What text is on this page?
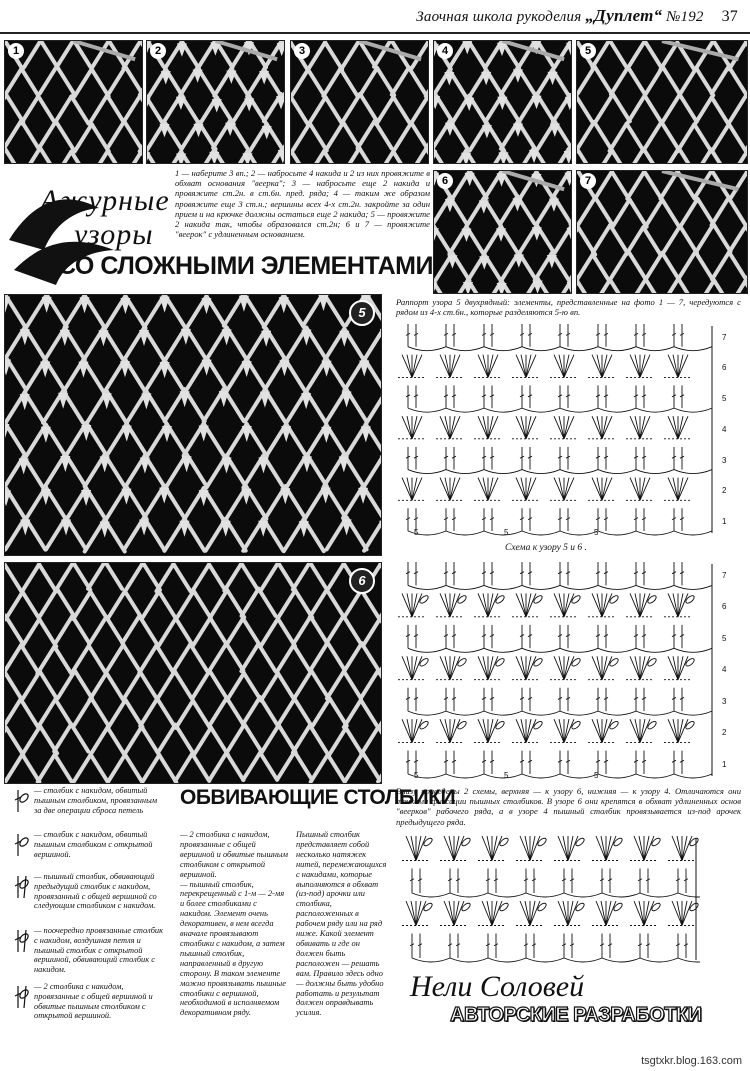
Заочная школа рукоделия „Дуплет“ №192 37
1	2	3	4	5
6	7
1 — наберите 3 вп.; 2 — набросьте 4 накида и 2 из них провяжите в обхват основания "веерка"; 3 — набросьте еще 2 накида и провяжите ст.2н. в ст.6н. пред. ряда; 4 — таким же образом провяжите еще 3 ст.н.; вершины всех 4-х ст.2н. закройте за один прием и на крючке должны остаться еще 2 накида; 5 — провяжите 2 накида так, чтобы образовался ст.2н; 6 и 7 — провяжите "веерок" с удлиненным основанием.
Ажурные
узоры
СО СЛОЖНЫМИ ЭЛЕМЕНТАМИ
5
6
Раппорт узора 5 двухрядный: элементы, представленные на фото 1 — 7, чередуются с рядом из 4-х ст.6н., которые разделяются 5-ю вп.
5	5	5
7
6
5
4
3
2
1
Схема к узору 5 и 6 .
5	5	5
7
6
5
4
3
2
1
ОБВИВАЮЩИЕ СТОЛБИКИ
— столбик с накидом, обвитый пышным столбиком, провязанным за две операции сброса петель
— столбик с накидом, обвитый пышным столбиком с открытой вершиной.
— пышный столбик, обвивающий предыдущий столбик с накидом, провязанный с общей вершиной со следующим столбиком с накидом.
— поочередно провязанные столбик с накидом, воздушная петля и пышный столбик с открытой вершиной, обвивающий столбик с накидом.
— 2 столбика с накидом, провязанные с общей вершиной и обвитые пышным столбиком с открытой вершиной.
— 2 столбика с накидом, провязанные с общей вершиной и обвитые пышным столбиком с открытой вершиной.
— пышный столбик, перекрещенный с 1-м — 2-мя и более столбиками с накидом. Элемент очень декоративен, в нем всегда вначале провязывают столбики с накидом, а затем пышный столбик, направленный в другую сторону. В таком элементе можно провязывать пышные столбики с вершиной, необходимой в исполняемом декоративном ряду.
Пышный столбик представляет собой несколько натяжек нитей, перемежающихся с накидами, которые выполняются в обхват (из-под) арочки или столбика, расположенных в рабочем ряду или на ряд ниже. Какой элемент обвивать и где он должен быть расположен — решать вам. Правило здесь одно — должны быть удобно работать и результат должен оправдывать усилия.
Внизу приведены 2 схемы, верхняя — к узору 6, нижняя — к узору 4. Отличаются они точками фиксации пышных столбиков. В узоре 6 они крепятся в обхват удлиненных основ "веерков" рабочего ряда, а в узоре 4 пышный столбик провязывается из-под арочек предыдущего ряда.
Нели Соловей
АВТОРСКИЕ РАЗРАБОТКИ
tsgtxkr.blog.163.com
